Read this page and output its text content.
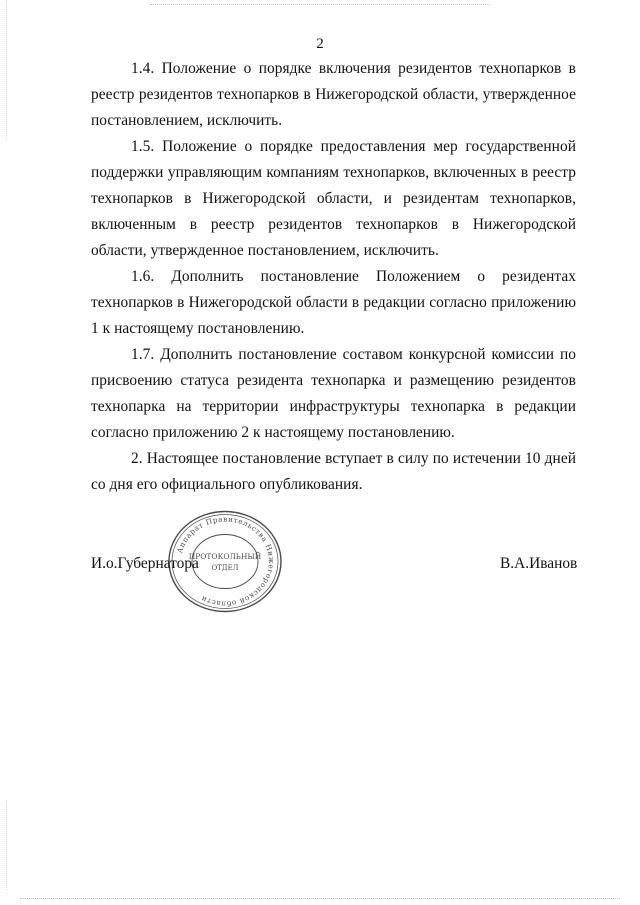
2

1.4. Положение о порядке включения резидентов технопарков в реестр резидентов технопарков в Нижегородской области, утвержденное постановлением, исключить.

1.5. Положение о порядке предоставления мер государственной поддержки управляющим компаниям технопарков, включенных в реестр технопарков в Нижегородской области, и резидентам технопарков, включенным в реестр резидентов технопарков в Нижегородской области, утвержденное постановлением, исключить.

1.6. Дополнить постановление Положением о резидентах технопарков в Нижегородской области в редакции согласно приложению 1 к настоящему постановлению.

1.7. Дополнить постановление составом конкурсной комиссии по присвоению статуса резидента технопарка и размещению резидентов технопарка на территории инфраструктуры технопарка в редакции согласно приложению 2 к настоящему постановлению.

2. Настоящее постановление вступает в силу по истечении 10 дней со дня его официального опубликования.

Аппарат Правительства Нижегородской области
ПРОТОКОЛЬНЫЙ
ОТДЕЛ
И.о.Губернатора	В.А.Иванов
